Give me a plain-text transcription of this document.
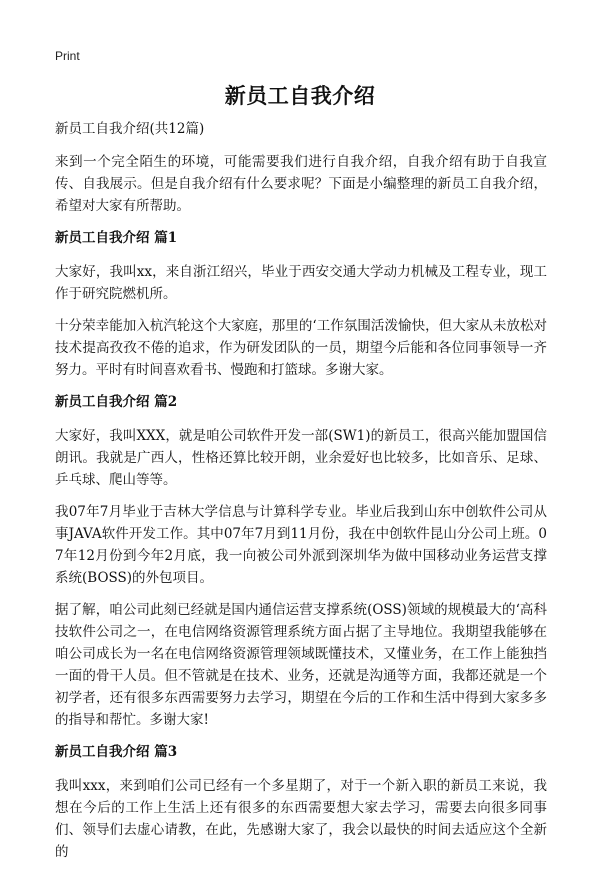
Print
新员工自我介绍
新员工自我介绍(共12篇)

来到一个完全陌生的环境，可能需要我们进行自我介绍，自我介绍有助于自我宣传、自我展示。但是自我介绍有什么要求呢？下面是小编整理的新员工自我介绍，希望对大家有所帮助。

新员工自我介绍 篇1

大家好，我叫xx，来自浙江绍兴，毕业于西安交通大学动力机械及工程专业，现工作于研究院燃机所。

十分荣幸能加入杭汽轮这个大家庭，那里的‘工作氛围活泼愉快，但大家从未放松对技术提高孜孜不倦的追求，作为研发团队的一员，期望今后能和各位同事领导一齐努力。平时有时间喜欢看书、慢跑和打篮球。多谢大家。

新员工自我介绍 篇2

大家好，我叫XXX，就是咱公司软件开发一部(SW1)的新员工，很高兴能加盟国信朗讯。我就是广西人，性格还算比较开朗，业余爱好也比较多，比如音乐、足球、乒乓球、爬山等等。

我07年7月毕业于吉林大学信息与计算科学专业。毕业后我到山东中创软件公司从事JAVA软件开发工作。其中07年7月到11月份，我在中创软件昆山分公司上班。07年12月份到今年2月底，我一向被公司外派到深圳华为做中国移动业务运营支撑系统(BOSS)的外包项目。

据了解，咱公司此刻已经就是国内通信运营支撑系统(OSS)领域的规模最大的‘高科技软件公司之一，在电信网络资源管理系统方面占据了主导地位。我期望我能够在咱公司成长为一名在电信网络资源管理领域既懂技术，又懂业务，在工作上能独挡一面的骨干人员。但不管就是在技术、业务，还就是沟通等方面，我都还就是一个初学者，还有很多东西需要努力去学习，期望在今后的工作和生活中得到大家多多的指导和帮忙。多谢大家!

新员工自我介绍 篇3

我叫xxx，来到咱们公司已经有一个多星期了，对于一个新入职的新员工来说，我想在今后的工作上生活上还有很多的东西需要想大家去学习，需要去向很多同事们、领导们去虚心请教，在此，先感谢大家了，我会以最快的时间去适应这个全新的
